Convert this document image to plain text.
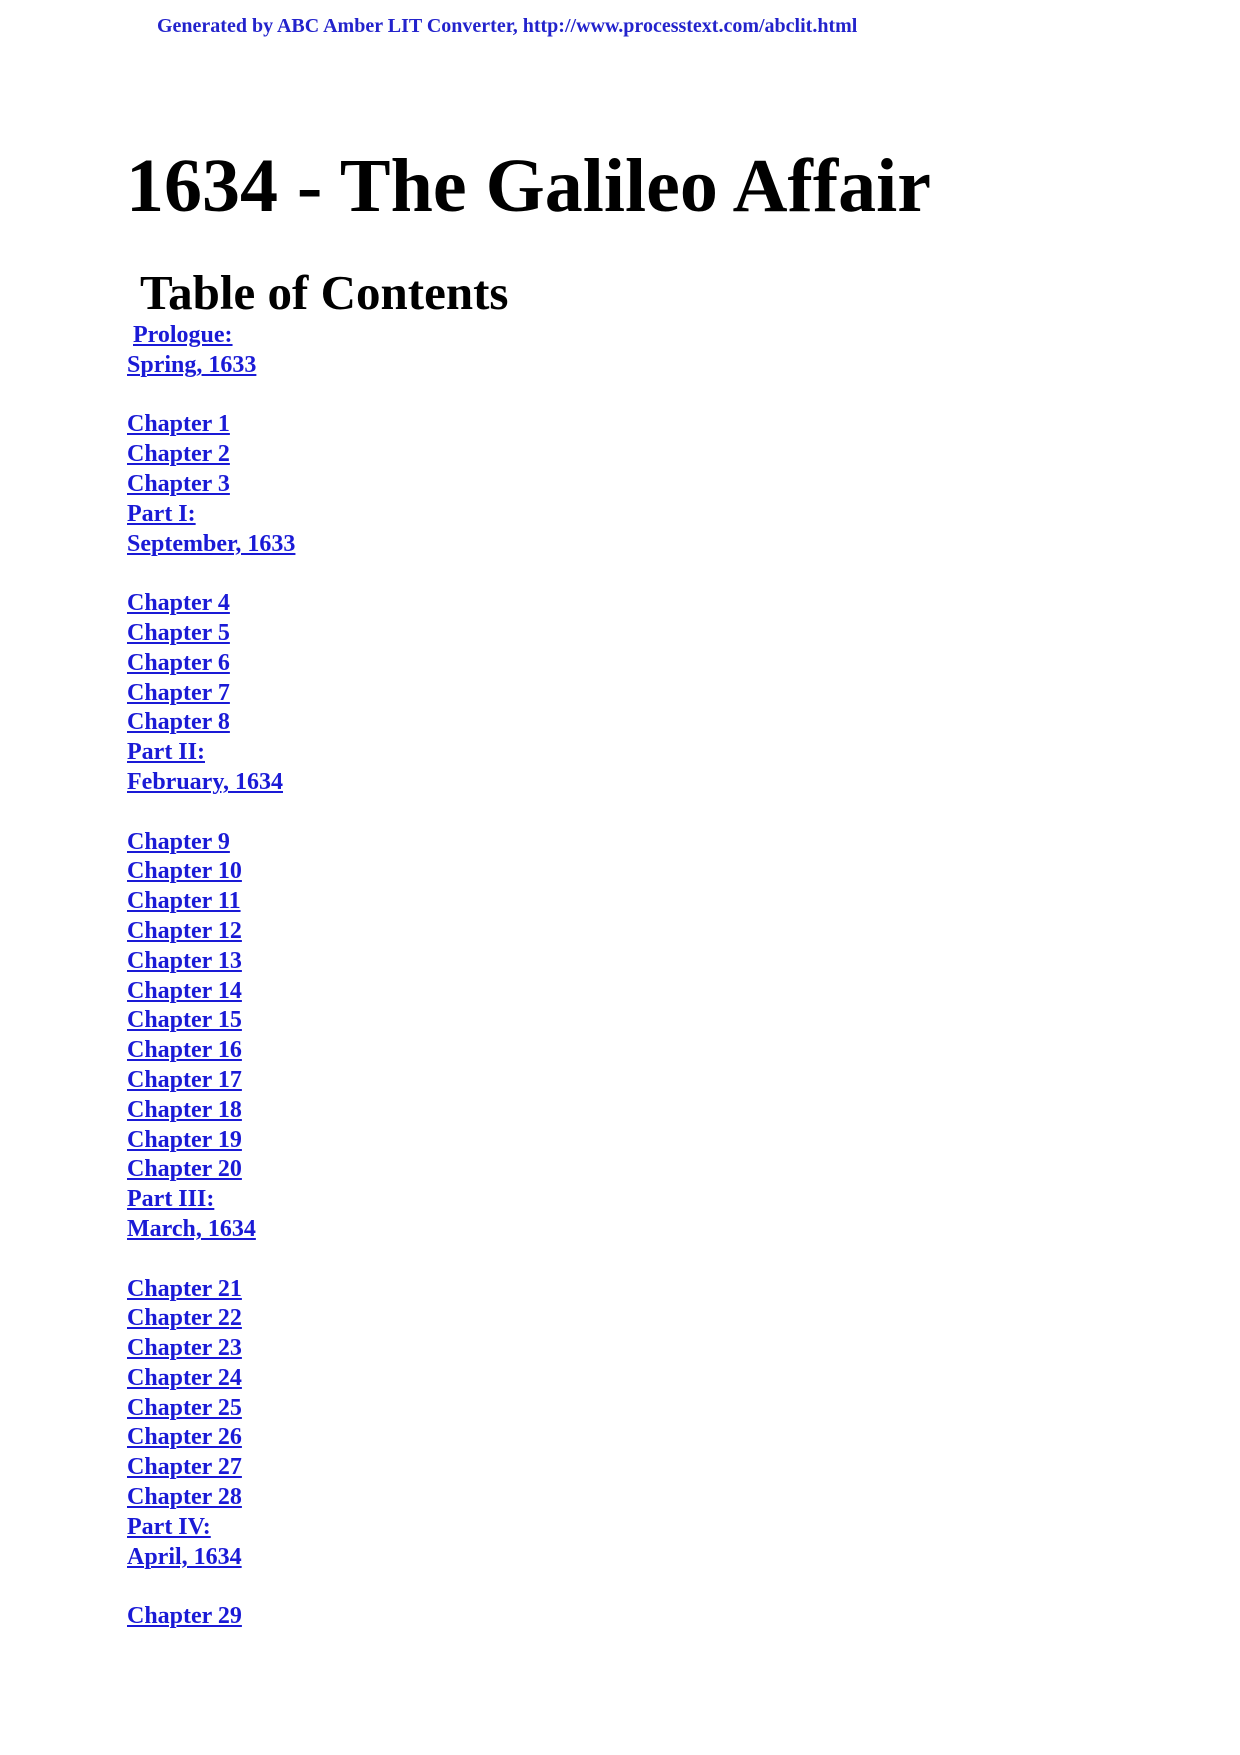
Generated by ABC Amber LIT Converter, http://www.processtext.com/abclit.html
1634 - The Galileo Affair
Table of Contents
Prologue:
Spring, 1633
Chapter 1
Chapter 2
Chapter 3
Part I:
September, 1633
Chapter 4
Chapter 5
Chapter 6
Chapter 7
Chapter 8
Part II:
February, 1634
Chapter 9
Chapter 10
Chapter 11
Chapter 12
Chapter 13
Chapter 14
Chapter 15
Chapter 16
Chapter 17
Chapter 18
Chapter 19
Chapter 20
Part III:
March, 1634
Chapter 21
Chapter 22
Chapter 23
Chapter 24
Chapter 25
Chapter 26
Chapter 27
Chapter 28
Part IV:
April, 1634
Chapter 29
